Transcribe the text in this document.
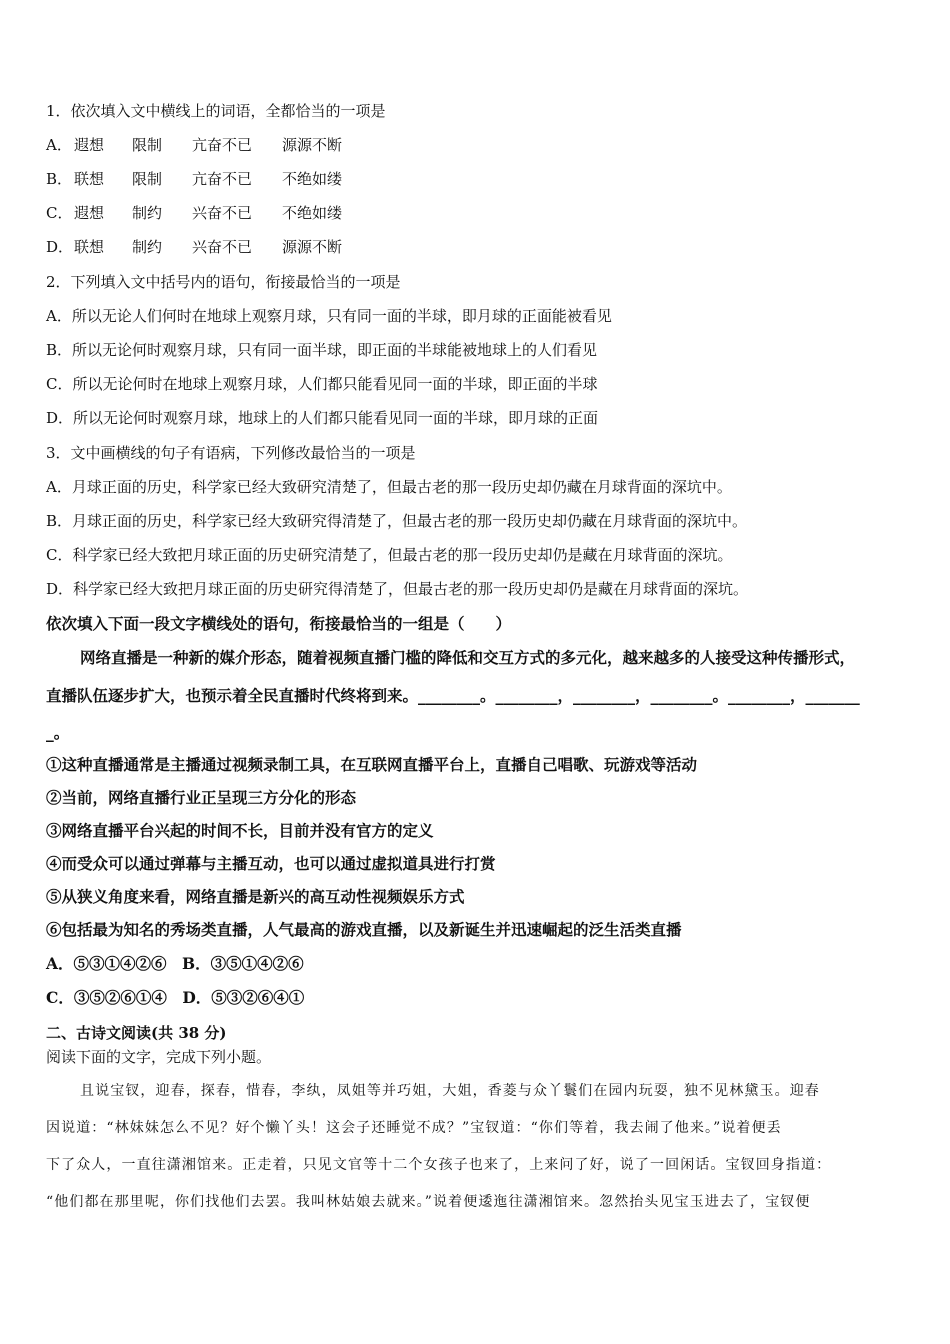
1．依次填入文中横线上的词语，全都恰当的一项是
A． 遐想 限制 亢奋不已 源源不断
B． 联想 限制 亢奋不已 不绝如缕
C． 遐想 制约 兴奋不已 不绝如缕
D．联想 制约 兴奋不已 源源不断
2．下列填入文中括号内的语句，衔接最恰当的一项是
A．所以无论人们何时在地球上观察月球，只有同一面的半球，即月球的正面能被看见
B．所以无论何时观察月球，只有同一面半球，即正面的半球能被地球上的人们看见
C．所以无论何时在地球上观察月球，人们都只能看见同一面的半球，即正面的半球
D．所以无论何时观察月球，地球上的人们都只能看见同一面的半球，即月球的正面
3．文中画横线的句子有语病，下列修改最恰当的一项是
A．月球正面的历史，科学家已经大致研究清楚了，但最古老的那一段历史却仍藏在月球背面的深坑中。
B．月球正面的历史，科学家已经大致研究得清楚了，但最古老的那一段历史却仍藏在月球背面的深坑中。
C．科学家已经大致把月球正面的历史研究清楚了，但最古老的那一段历史却仍是藏在月球背面的深坑。
D．科学家已经大致把月球正面的历史研究得清楚了，但最古老的那一段历史却仍是藏在月球背面的深坑。
依次填入下面一段文字横线处的语句，衔接最恰当的一组是（　　）
网络直播是一种新的媒介形态，随着视频直播门槛的降低和交互方式的多元化，越来越多的人接受这种传播形式，
直播队伍逐步扩大，也预示着全民直播时代终将到来。________。________，________，________。________，_______
_。
①这种直播通常是主播通过视频录制工具，在互联网直播平台上，直播自己唱歌、玩游戏等活动
②当前，网络直播行业正呈现三方分化的形态
③网络直播平台兴起的时间不长，目前并没有官方的定义
④而受众可以通过弹幕与主播互动，也可以通过虚拟道具进行打赏
⑤从狭义角度来看，网络直播是新兴的高互动性视频娱乐方式
⑥包括最为知名的秀场类直播，人气最高的游戏直播，以及新诞生并迅速崛起的泛生活类直播
A．⑤③①④②⑥　B．③⑤①④②⑥
C．③⑤②⑥①④　D．⑤③②⑥④①
二、古诗文阅读(共 38 分)
阅读下面的文字，完成下列小题。
且说宝钗，迎春，探春，惜春，李纨，凤姐等并巧姐，大姐，香菱与众丫鬟们在园内玩耍，独不见林黛玉。迎春
因说道：“林妹妹怎么不见？好个懒丫头！这会子还睡觉不成？”宝钗道：“你们等着，我去闹了他来。”说着便丢
下了众人，一直往潇湘馆来。正走着，只见文官等十二个女孩子也来了，上来问了好，说了一回闲话。宝钗回身指道：
“他们都在那里呢，你们找他们去罢。我叫林姑娘去就来。”说着便逶迤往潇湘馆来。忽然抬头见宝玉进去了，宝钗便
